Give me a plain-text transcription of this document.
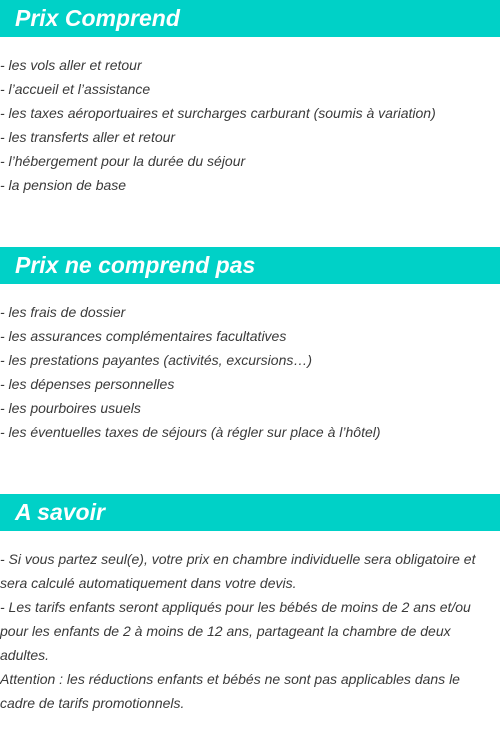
Prix Comprend
- les vols aller et retour
- l’accueil et l’assistance
- les taxes aéroportuaires et surcharges carburant (soumis à variation)
- les transferts aller et retour
- l’hébergement pour la durée du séjour
- la pension de base
Prix ne comprend pas
- les frais de dossier
- les assurances complémentaires facultatives
- les prestations payantes (activités, excursions…)
- les dépenses personnelles
- les pourboires usuels
- les éventuelles taxes de séjours (à régler sur place à l’hôtel)
A savoir

- Si vous partez seul(e), votre prix en chambre individuelle sera obligatoire et sera calculé automatiquement dans votre devis.

- Les tarifs enfants seront appliqués pour les bébés de moins de 2 ans et/ou pour les enfants de 2 à moins de 12 ans, partageant la chambre de deux adultes.

Attention : les réductions enfants et bébés ne sont pas applicables dans le cadre de tarifs promotionnels.
